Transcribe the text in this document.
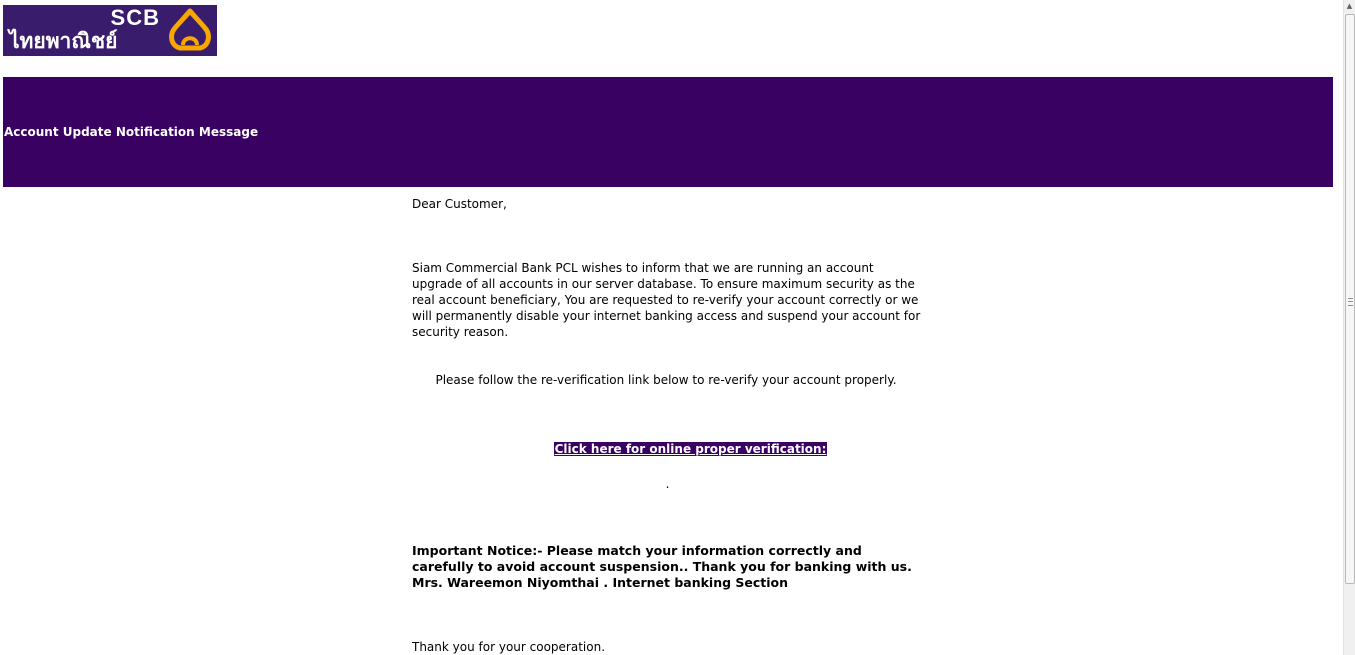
SCB
ไทยพาณิชย์
Account Update Notification Message

Dear Customer,

Siam Commercial Bank PCL wishes to inform that we are running an account upgrade of all accounts in our server database. To ensure maximum security as the real account beneficiary, You are requested to re-verify your account correctly or we will permanently disable your internet banking access and suspend your account for security reason.

Please follow the re-verification link below to re-verify your account properly.

Click here for online proper verification:

.

Important Notice:- Please match your information correctly and carefully to avoid account suspension.. Thank you for banking with us. Mrs. Wareemon Niyomthai . Internet banking Section

Thank you for your cooperation.

▲
